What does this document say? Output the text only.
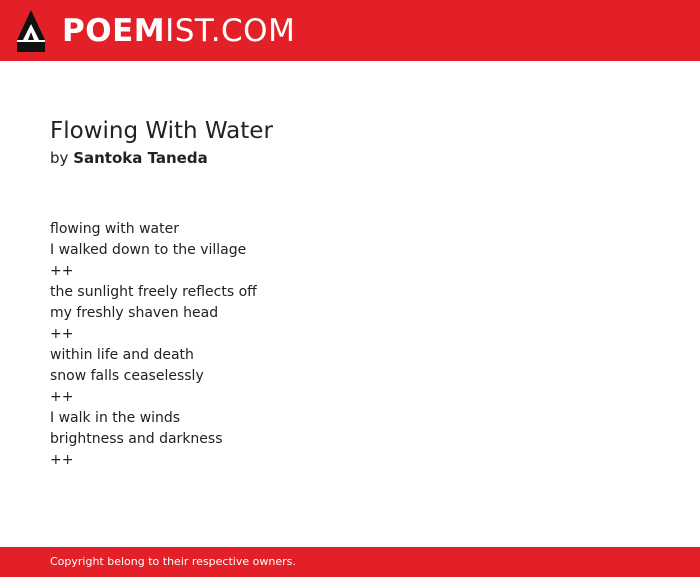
POEMIST.COM
Flowing With Water
by Santoka Taneda
flowing with water
I walked down to the village
++
the sunlight freely reflects off
my freshly shaven head
++
within life and death
snow falls ceaselessly
++
I walk in the winds
brightness and darkness
++
Copyright belong to their respective owners.
